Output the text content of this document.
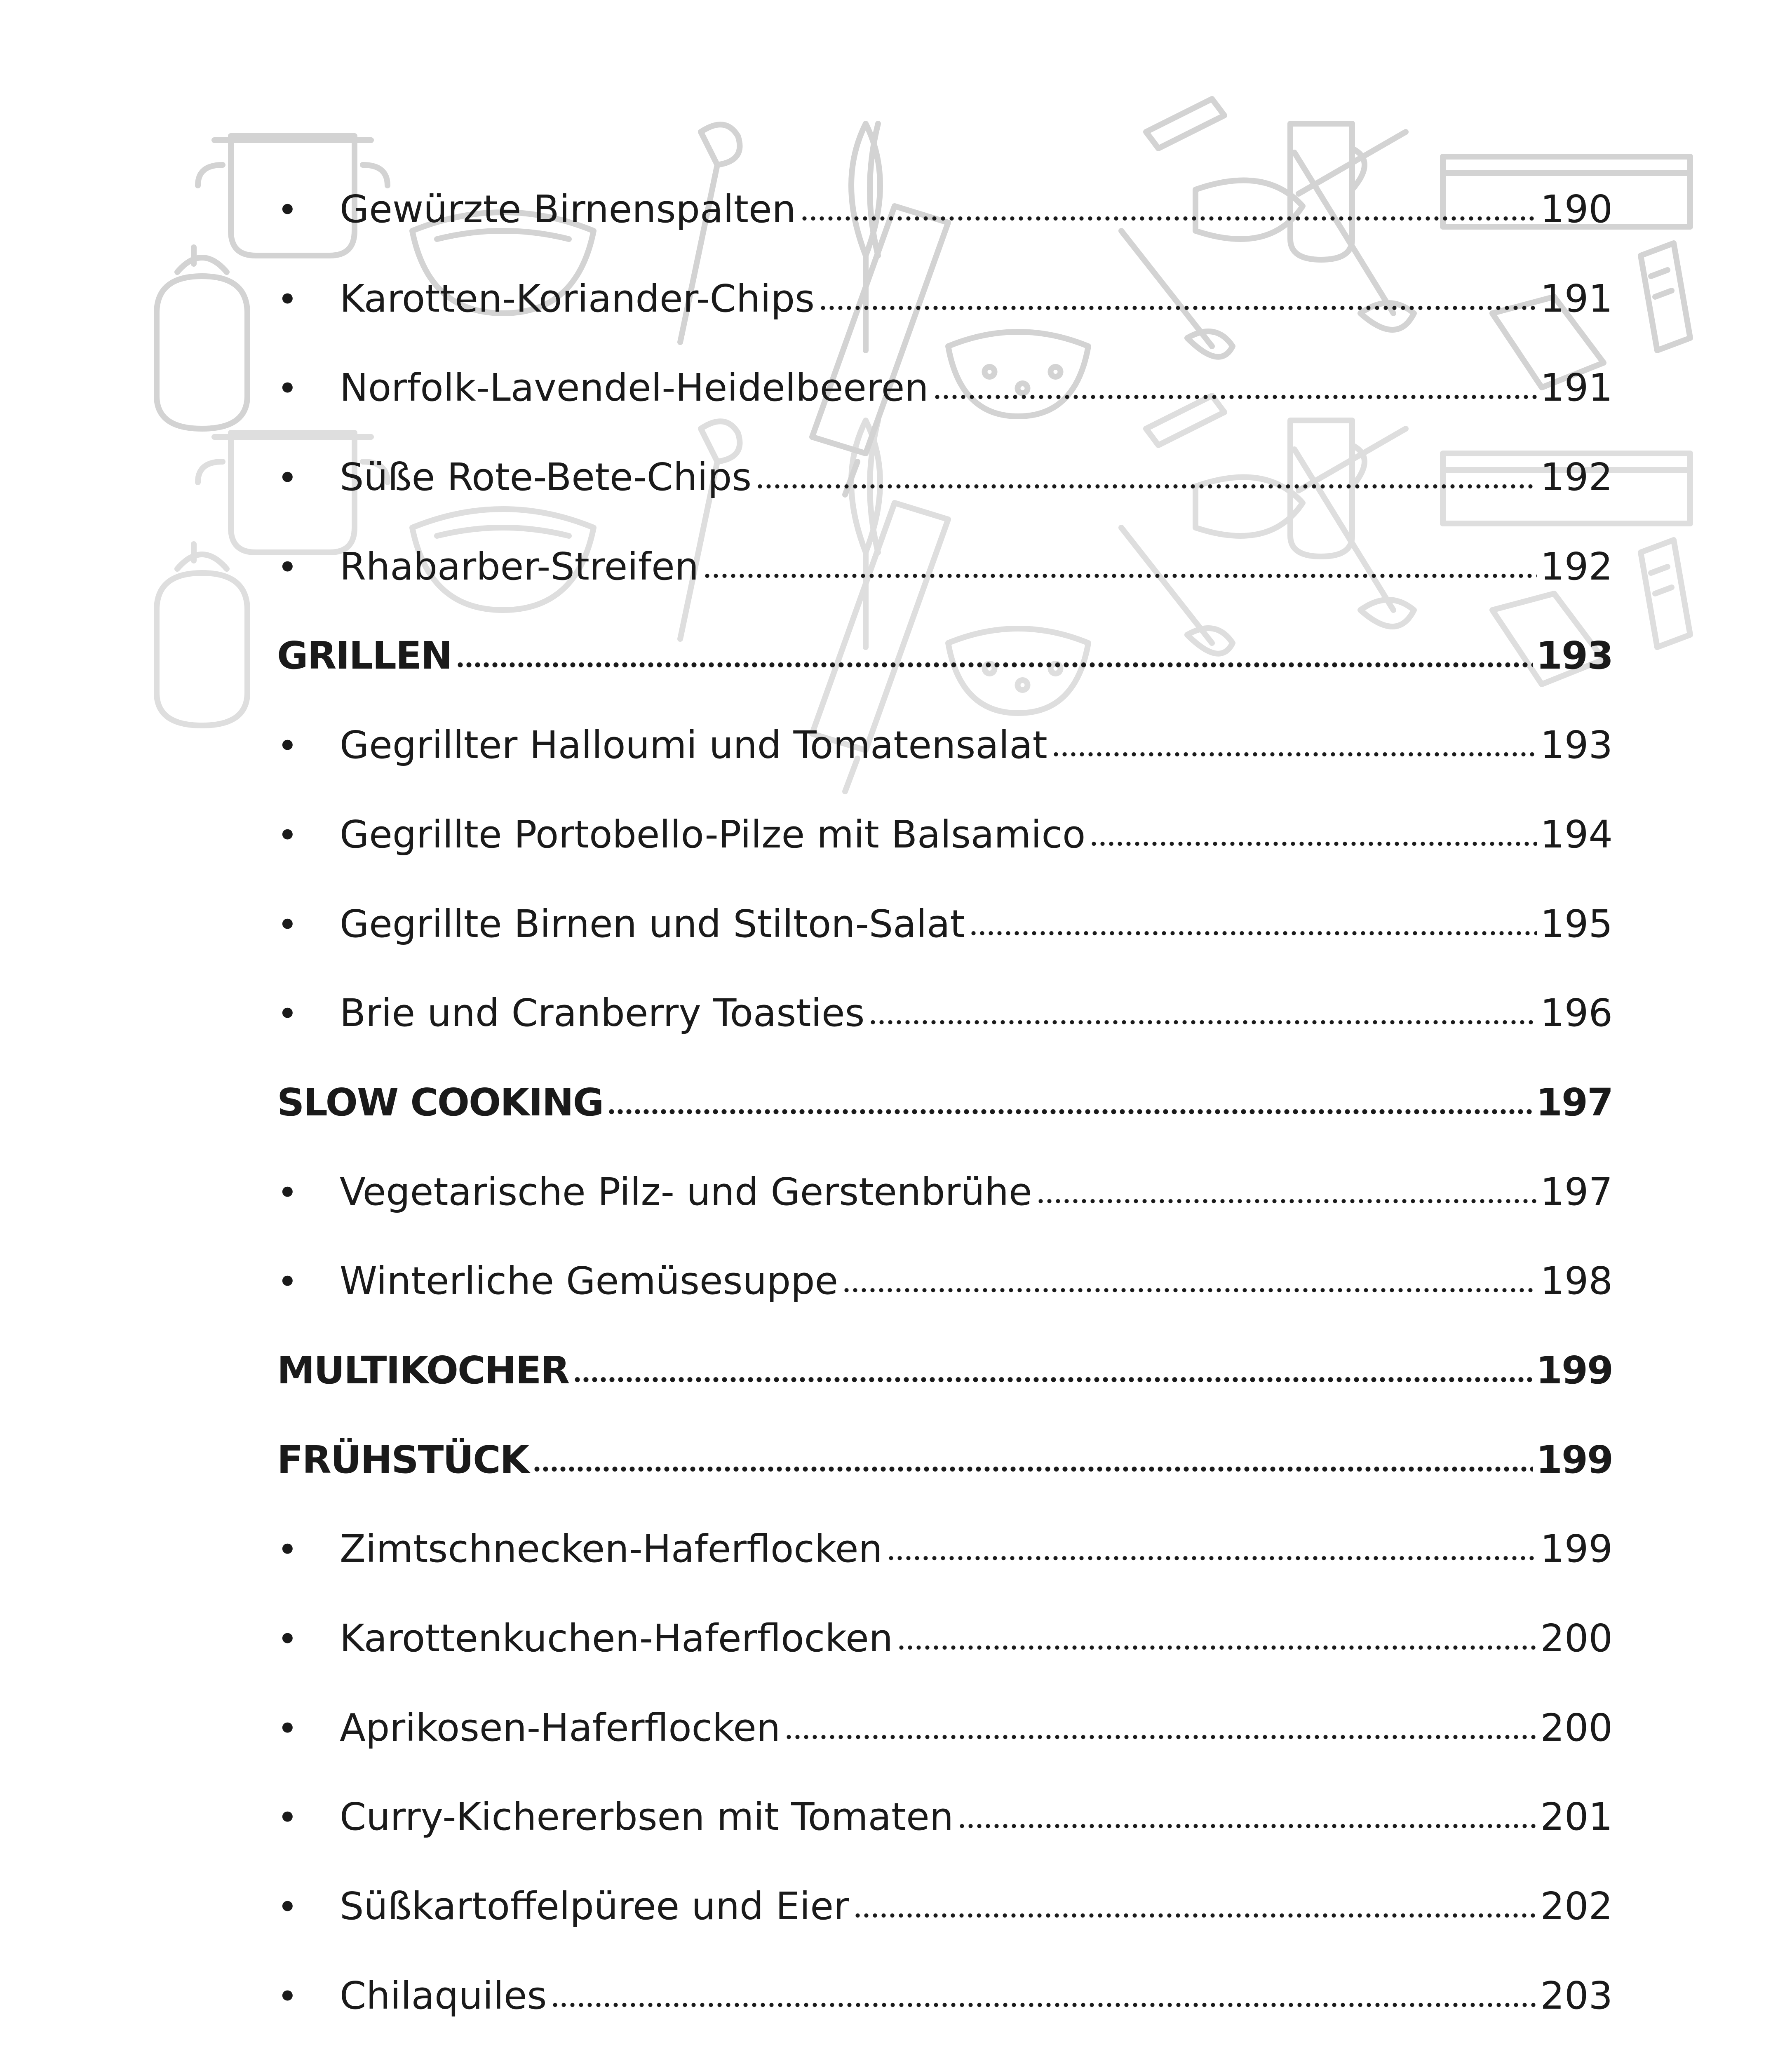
•	Gewürzte Birnenspalten	190
•	Karotten-Koriander-Chips	191
•	Norfolk-Lavendel-Heidelbeeren	191
•	Süße Rote-Bete-Chips	192
•	Rhabarber-Streifen	192
GRILLEN	193
•	Gegrillter Halloumi und Tomatensalat	193
•	Gegrillte Portobello-Pilze mit Balsamico	194
•	Gegrillte Birnen und Stilton-Salat	195
•	Brie und Cranberry Toasties	196
SLOW COOKING	197
•	Vegetarische Pilz- und Gerstenbrühe	197
•	Winterliche Gemüsesuppe	198
MULTIKOCHER	199
FRÜHSTÜCK	199
•	Zimtschnecken-Haferflocken	199
•	Karottenkuchen-Haferflocken	200
•	Aprikosen-Haferflocken	200
•	Curry-Kichererbsen mit Tomaten	201
•	Süßkartoffelpüree und Eier	202
•	Chilaquiles	203
